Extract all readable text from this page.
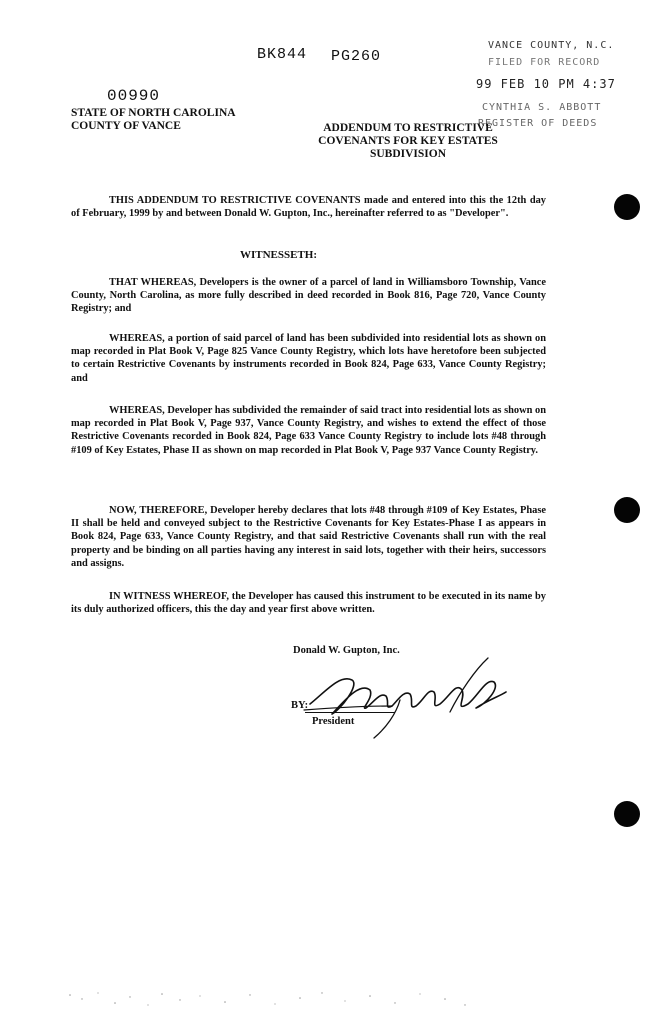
BK844 PG260
VANCE COUNTY, N.C.
FILED FOR RECORD
99 FEB 10 PM 4:37
CYNTHIA S. ABBOTT
REGISTER OF DEEDS
00990
STATE OF NORTH CAROLINA
COUNTY OF VANCE	ADDENDUM TO RESTRICTIVE
COVENANTS FOR KEY ESTATES
SUBDIVISION
THIS ADDENDUM TO RESTRICTIVE COVENANTS made and entered into this the 12th day of February, 1999 by and between Donald W. Gupton, Inc., hereinafter referred to as "Developer".
WITNESSETH:
THAT WHEREAS, Developers is the owner of a parcel of land in Williamsboro Township, Vance County, North Carolina, as more fully described in deed recorded in Book 816, Page 720, Vance County Registry; and
WHEREAS, a portion of said parcel of land has been subdivided into residential lots as shown on map recorded in Plat Book V, Page 825 Vance County Registry, which lots have heretofore been subjected to certain Restrictive Covenants by instruments recorded in Book 824, Page 633, Vance County Registry; and
WHEREAS, Developer has subdivided the remainder of said tract into residential lots as shown on map recorded in Plat Book V, Page 937, Vance County Registry, and wishes to extend the effect of those Restrictive Covenants recorded in Book 824, Page 633 Vance County Registry to include lots #48 through #109 of Key Estates, Phase II as shown on map recorded in Plat Book V, Page 937 Vance County Registry.
NOW, THEREFORE, Developer hereby declares that lots #48 through #109 of Key Estates, Phase II shall be held and conveyed subject to the Restrictive Covenants for Key Estates-Phase I as appears in Book 824, Page 633, Vance County Registry, and that said Restrictive Covenants shall run with the real property and be binding on all parties having any interest in said lots, together with their heirs, successors and assigns.
IN WITNESS WHEREOF, the Developer has caused this instrument to be executed in its name by its duly authorized officers, this the day and year first above written.
Donald W. Gupton, Inc.
BY:
President
